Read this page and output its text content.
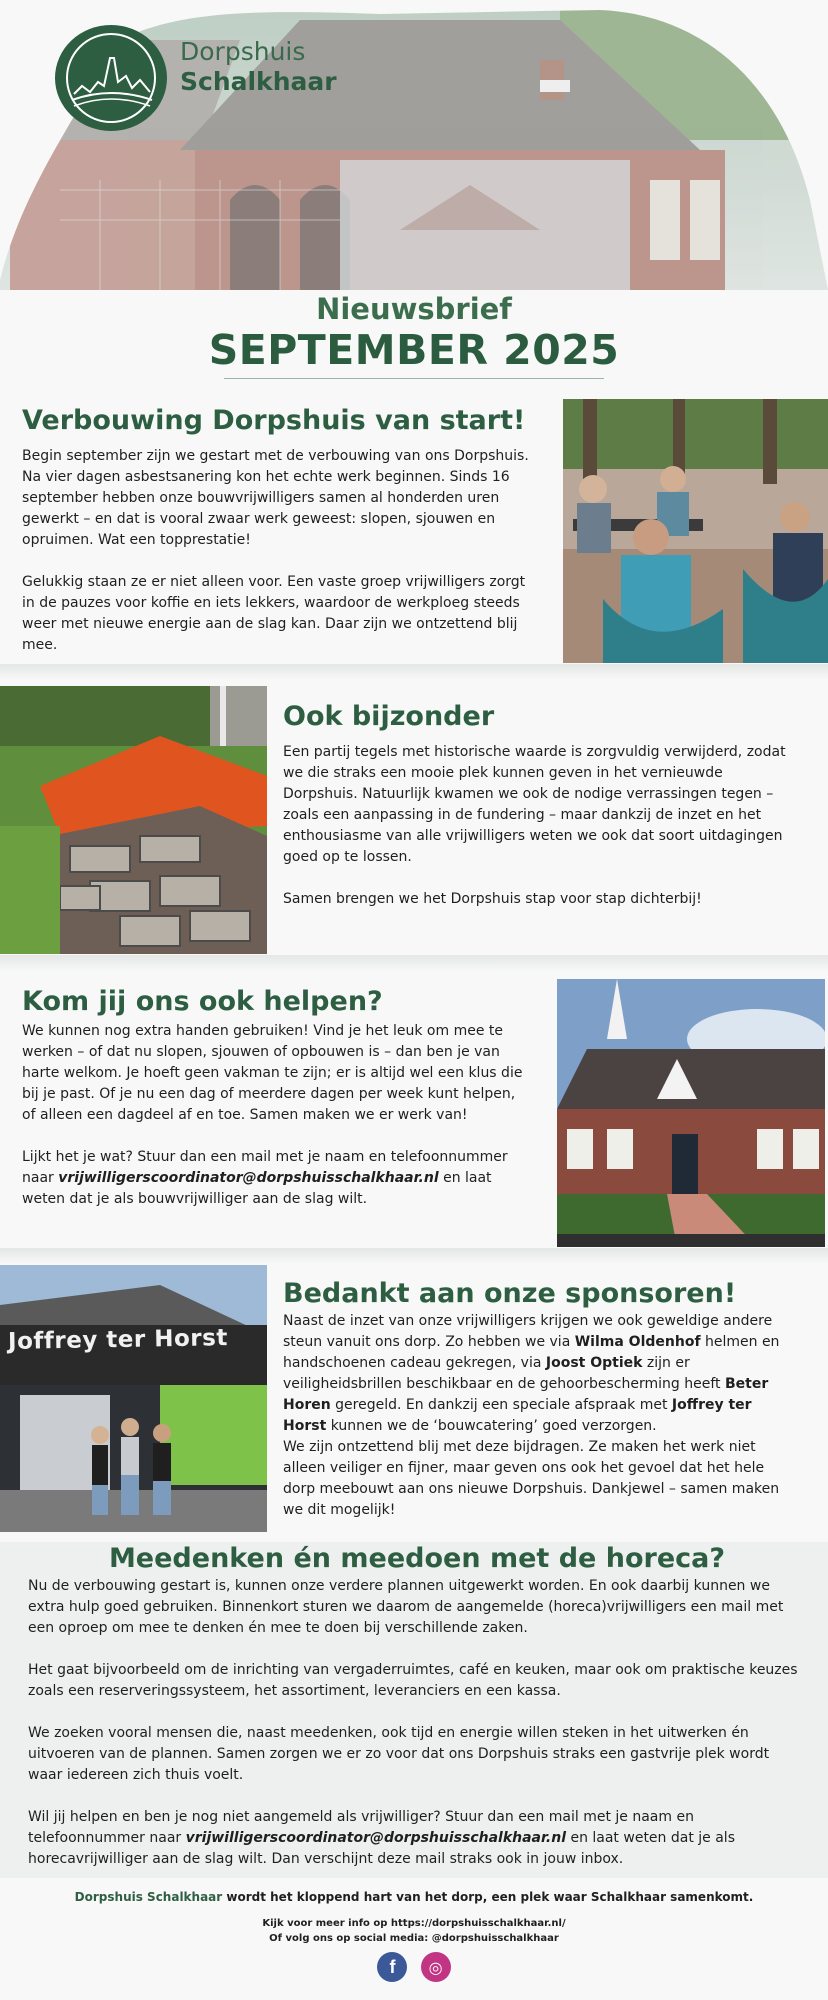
Dorpshuis
Schalkhaar
Nieuwsbrief
SEPTEMBER 2025
Verbouwing Dorpshuis van start!

Begin september zijn we gestart met de verbouwing van ons Dorpshuis. Na vier dagen asbestsanering kon het echte werk beginnen. Sinds 16 september hebben onze bouwvrijwilligers samen al honderden uren gewerkt – en dat is vooral zwaar werk geweest: slopen, sjouwen en opruimen. Wat een topprestatie!

Gelukkig staan ze er niet alleen voor. Een vaste groep vrijwilligers zorgt in de pauzes voor koffie en iets lekkers, waardoor de werkploeg steeds weer met nieuwe energie aan de slag kan. Daar zijn we ontzettend blij mee.

Ook bijzonder

Een partij tegels met historische waarde is zorgvuldig verwijderd, zodat we die straks een mooie plek kunnen geven in het vernieuwde Dorpshuis. Natuurlijk kwamen we ook de nodige verrassingen tegen – zoals een aanpassing in de fundering – maar dankzij de inzet en het enthousiasme van alle vrijwilligers weten we ook dat soort uitdagingen goed op te lossen.

Samen brengen we het Dorpshuis stap voor stap dichterbij!

Kom jij ons ook helpen?

We kunnen nog extra handen gebruiken! Vind je het leuk om mee te werken – of dat nu slopen, sjouwen of opbouwen is – dan ben je van harte welkom. Je hoeft geen vakman te zijn; er is altijd wel een klus die bij je past. Of je nu een dag of meerdere dagen per week kunt helpen, of alleen een dagdeel af en toe. Samen maken we er werk van!

Lijkt het je wat? Stuur dan een mail met je naam en telefoonnummer naar vrijwilligerscoordinator@dorpshuisschalkhaar.nl en laat weten dat je als bouwvrijwilliger aan de slag wilt.

Joffrey ter Horst
Bedankt aan onze sponsoren!

Naast de inzet van onze vrijwilligers krijgen we ook geweldige andere steun vanuit ons dorp. Zo hebben we via Wilma Oldenhof helmen en handschoenen cadeau gekregen, via Joost Optiek zijn er veiligheidsbrillen beschikbaar en de gehoorbescherming heeft Beter Horen geregeld. En dankzij een speciale afspraak met Joffrey ter Horst kunnen we de ‘bouwcatering’ goed verzorgen.

We zijn ontzettend blij met deze bijdragen. Ze maken het werk niet alleen veiliger en fijner, maar geven ons ook het gevoel dat het hele dorp meebouwt aan ons nieuwe Dorpshuis. Dankjewel – samen maken we dit mogelijk!

Meedenken én meedoen met de horeca?

Nu de verbouwing gestart is, kunnen onze verdere plannen uitgewerkt worden. En ook daarbij kunnen we extra hulp goed gebruiken. Binnenkort sturen we daarom de aangemelde (horeca)vrijwilligers een mail met een oproep om mee te denken én mee te doen bij verschillende zaken.

Het gaat bijvoorbeeld om de inrichting van vergaderruimtes, café en keuken, maar ook om praktische keuzes zoals een reserveringssysteem, het assortiment, leveranciers en een kassa.

We zoeken vooral mensen die, naast meedenken, ook tijd en energie willen steken in het uitwerken én uitvoeren van de plannen. Samen zorgen we er zo voor dat ons Dorpshuis straks een gastvrije plek wordt waar iedereen zich thuis voelt.

Wil jij helpen en ben je nog niet aangemeld als vrijwilliger? Stuur dan een mail met je naam en telefoonnummer naar vrijwilligerscoordinator@dorpshuisschalkhaar.nl en laat weten dat je als horecavrijwilliger aan de slag wilt. Dan verschijnt deze mail straks ook in jouw inbox.

Dorpshuis Schalkhaar wordt het kloppend hart van het dorp, een plek waar Schalkhaar samenkomt.
Kijk voor meer info op https://dorpshuisschalkhaar.nl/
Of volg ons op social media: @dorpshuisschalkhaar
f ◎
